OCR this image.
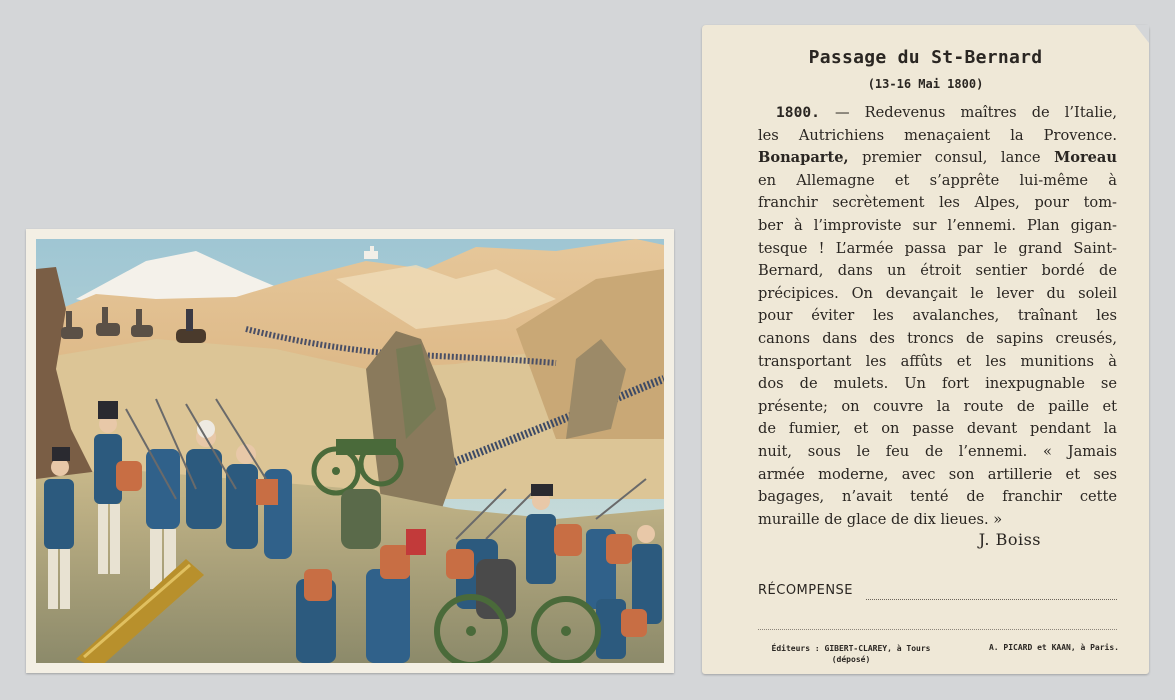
Passage du St-Bernard
(13-16 Mai 1800)
1800. — Redevenus maîtres de l’Italie,
les Autrichiens menaçaient la Provence.
Bonaparte, premier consul, lance Moreau
en Allemagne et s’apprête lui-même à
franchir secrètement les Alpes, pour tom-
ber à l’improviste sur l’ennemi. Plan gigan-
tesque ! L’armée passa par le grand Saint-
Bernard, dans un étroit sentier bordé de
précipices. On devançait le lever du soleil
pour éviter les avalanches, traînant les
canons dans des troncs de sapins creusés,
transportant les affûts et les munitions à
dos de mulets. Un fort inexpugnable se
présente; on couvre la route de paille et
de fumier, et on passe devant pendant la
nuit, sous le feu de l’ennemi. « Jamais
armée moderne, avec son artillerie et ses
bagages, n’avait tenté de franchir cette
muraille de glace de dix lieues. »
J. Boiss
RÉCOMPENSE
Éditeurs : GIBERT-CLAREY, à Tours
(déposé)
A. PICARD et KAAN, à Paris.
